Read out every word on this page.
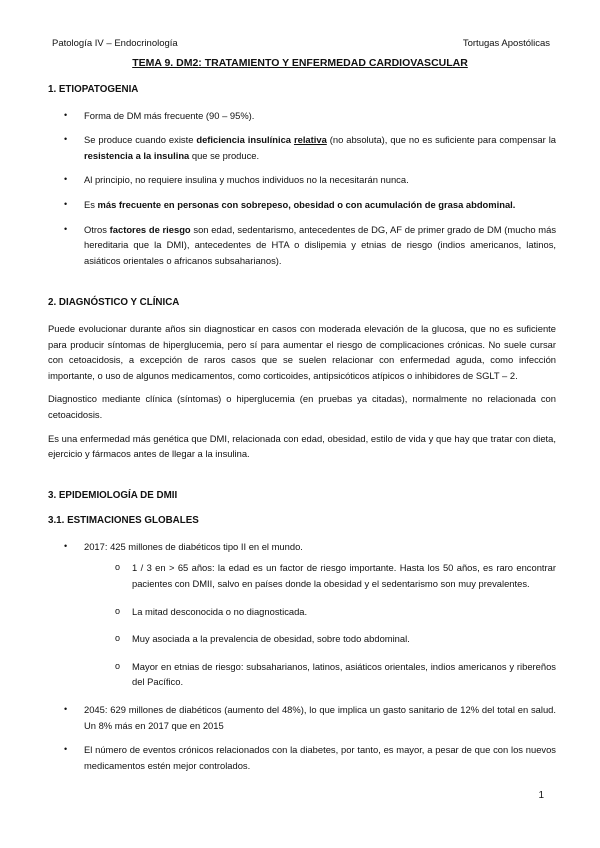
Patología IV – Endocrinología	Tortugas Apostólicas
TEMA 9. DM2: TRATAMIENTO Y ENFERMEDAD CARDIOVASCULAR
1. ETIOPATOGENIA
• Forma de DM más frecuente (90 – 95%).
• Se produce cuando existe deficiencia insulínica relativa (no absoluta), que no es suficiente para compensar la resistencia a la insulina que se produce.
• Al principio, no requiere insulina y muchos individuos no la necesitarán nunca.
• Es más frecuente en personas con sobrepeso, obesidad o con acumulación de grasa abdominal.
• Otros factores de riesgo son edad, sedentarismo, antecedentes de DG, AF de primer grado de DM (mucho más hereditaria que la DMI), antecedentes de HTA o dislipemia y etnias de riesgo (indios americanos, latinos, asiáticos orientales o africanos subsaharianos).
2. DIAGNÓSTICO Y CLÍNICA

Puede evolucionar durante años sin diagnosticar en casos con moderada elevación de la glucosa, que no es suficiente para producir síntomas de hiperglucemia, pero sí para aumentar el riesgo de complicaciones crónicas. No suele cursar con cetoacidosis, a excepción de raros casos que se suelen relacionar con enfermedad aguda, como infección importante, o uso de algunos medicamentos, como corticoides, antipsicóticos atípicos o inhibidores de SGLT – 2.

Diagnostico mediante clínica (síntomas) o hiperglucemia (en pruebas ya citadas), normalmente no relacionada con cetoacidosis.

Es una enfermedad más genética que DMI, relacionada con edad, obesidad, estilo de vida y que hay que tratar con dieta, ejercicio y fármacos antes de llegar a la insulina.

3. EPIDEMIOLOGÍA DE DMII
3.1. ESTIMACIONES GLOBALES
• 2017: 425 millones de diabéticos tipo II en el mundo.
o 1 / 3 en > 65 años: la edad es un factor de riesgo importante. Hasta los 50 años, es raro encontrar pacientes con DMII, salvo en países donde la obesidad y el sedentarismo son muy prevalentes.
o La mitad desconocida o no diagnosticada.
o Muy asociada a la prevalencia de obesidad, sobre todo abdominal.
o Mayor en etnias de riesgo: subsaharianos, latinos, asiáticos orientales, indios americanos y ribereños del Pacífico.
• 2045: 629 millones de diabéticos (aumento del 48%), lo que implica un gasto sanitario de 12% del total en salud. Un 8% más en 2017 que en 2015
• El número de eventos crónicos relacionados con la diabetes, por tanto, es mayor, a pesar de que con los nuevos medicamentos estén mejor controlados.
1
